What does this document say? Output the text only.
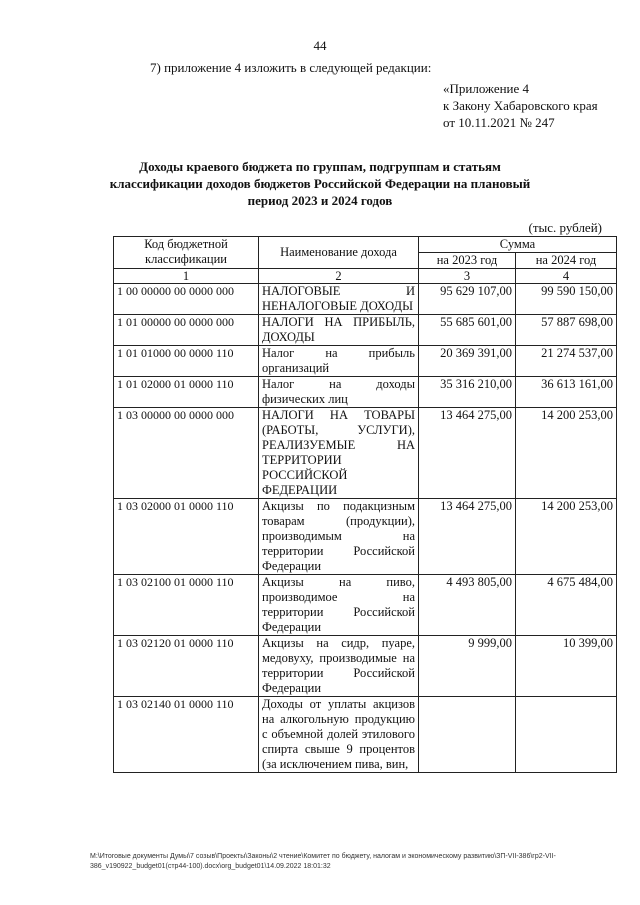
44
7) приложение 4 изложить в следующей редакции:
«Приложение 4
к Закону Хабаровского края
от 10.11.2021 № 247
Доходы краевого бюджета по группам, подгруппам и статьям классификации доходов бюджетов Российской Федерации на плановый период 2023 и 2024 годов
(тыс. рублей)
Код бюджетной классификации	Наименование дохода	Сумма	
		на 2023 год	на 2024 год
1	2	3	4
1 00 00000 00 0000 000	НАЛОГОВЫЕ И НЕНАЛОГОВЫЕ ДОХОДЫ	95 629 107,00	99 590 150,00
1 01 00000 00 0000 000	НАЛОГИ НА ПРИБЫЛЬ, ДОХОДЫ	55 685 601,00	57 887 698,00
1 01 01000 00 0000 110	Налог на прибыль организаций	20 369 391,00	21 274 537,00
1 01 02000 01 0000 110	Налог на доходы физических лиц	35 316 210,00	36 613 161,00
1 03 00000 00 0000 000	НАЛОГИ НА ТОВАРЫ (РАБОТЫ, УСЛУГИ), РЕАЛИЗУЕМЫЕ НА ТЕРРИТОРИИ РОССИЙСКОЙ ФЕДЕРАЦИИ	13 464 275,00	14 200 253,00
1 03 02000 01 0000 110	Акцизы по подакцизным товарам (продукции), производимым на территории Российской Федерации	13 464 275,00	14 200 253,00
1 03 02100 01 0000 110	Акцизы на пиво, производимое на территории Российской Федерации	4 493 805,00	4 675 484,00
1 03 02120 01 0000 110	Акцизы на сидр, пуаре, медовуху, производимые на территории Российской Федерации	9 999,00	10 399,00
1 03 02140 01 0000 110	Доходы от уплаты акцизов на алкогольную продукцию с объемной долей этилового спирта свыше 9 процентов (за исключением пива, вин,		
M:\Итоговые документы Думы\7 созыв\Проекты\Законы\2 чтение\Комитет по бюджету, налогам и экономическому развитию\ЗП-VII-386\гр2-VII-386_v190922_budget01(стр44-100).docx\org_budget01\14.09.2022 18:01:32
